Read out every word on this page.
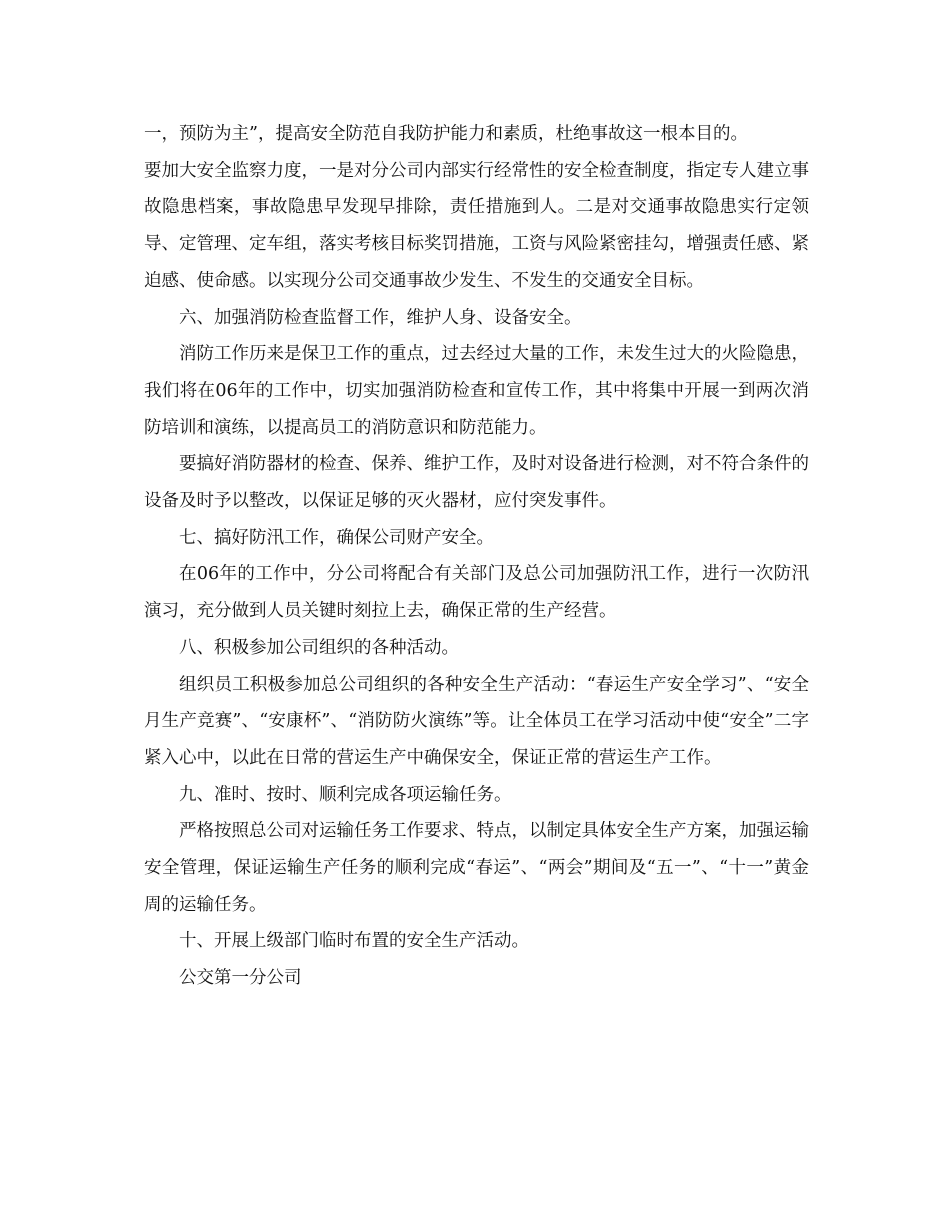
一，预防为主”，提高安全防范自我防护能力和素质，杜绝事故这一根本目的。

要加大安全监察力度，一是对分公司内部实行经常性的安全检查制度，指定专人建立事故隐患档案，事故隐患早发现早排除，责任措施到人。二是对交通事故隐患实行定领导、定管理、定车组，落实考核目标奖罚措施，工资与风险紧密挂勾，增强责任感、紧迫感、使命感。以实现分公司交通事故少发生、不发生的交通安全目标。

六、加强消防检查监督工作，维护人身、设备安全。

消防工作历来是保卫工作的重点，过去经过大量的工作，未发生过大的火险隐患，我们将在06年的工作中，切实加强消防检查和宣传工作，其中将集中开展一到两次消防培训和演练，以提高员工的消防意识和防范能力。

要搞好消防器材的检查、保养、维护工作，及时对设备进行检测，对不符合条件的设备及时予以整改，以保证足够的灭火器材，应付突发事件。

七、搞好防汛工作，确保公司财产安全。

在06年的工作中，分公司将配合有关部门及总公司加强防汛工作，进行一次防汛演习，充分做到人员关键时刻拉上去，确保正常的生产经营。

八、积极参加公司组织的各种活动。

组织员工积极参加总公司组织的各种安全生产活动：“春运生产安全学习”、“安全月生产竞赛”、“安康杯”、“消防防火演练”等。让全体员工在学习活动中使“安全”二字紧入心中，以此在日常的营运生产中确保安全，保证正常的营运生产工作。

九、准时、按时、顺利完成各项运输任务。

严格按照总公司对运输任务工作要求、特点，以制定具体安全生产方案，加强运输安全管理，保证运输生产任务的顺利完成“春运”、“两会”期间及“五一”、“十一”黄金周的运输任务。

十、开展上级部门临时布置的安全生产活动。

公交第一分公司
